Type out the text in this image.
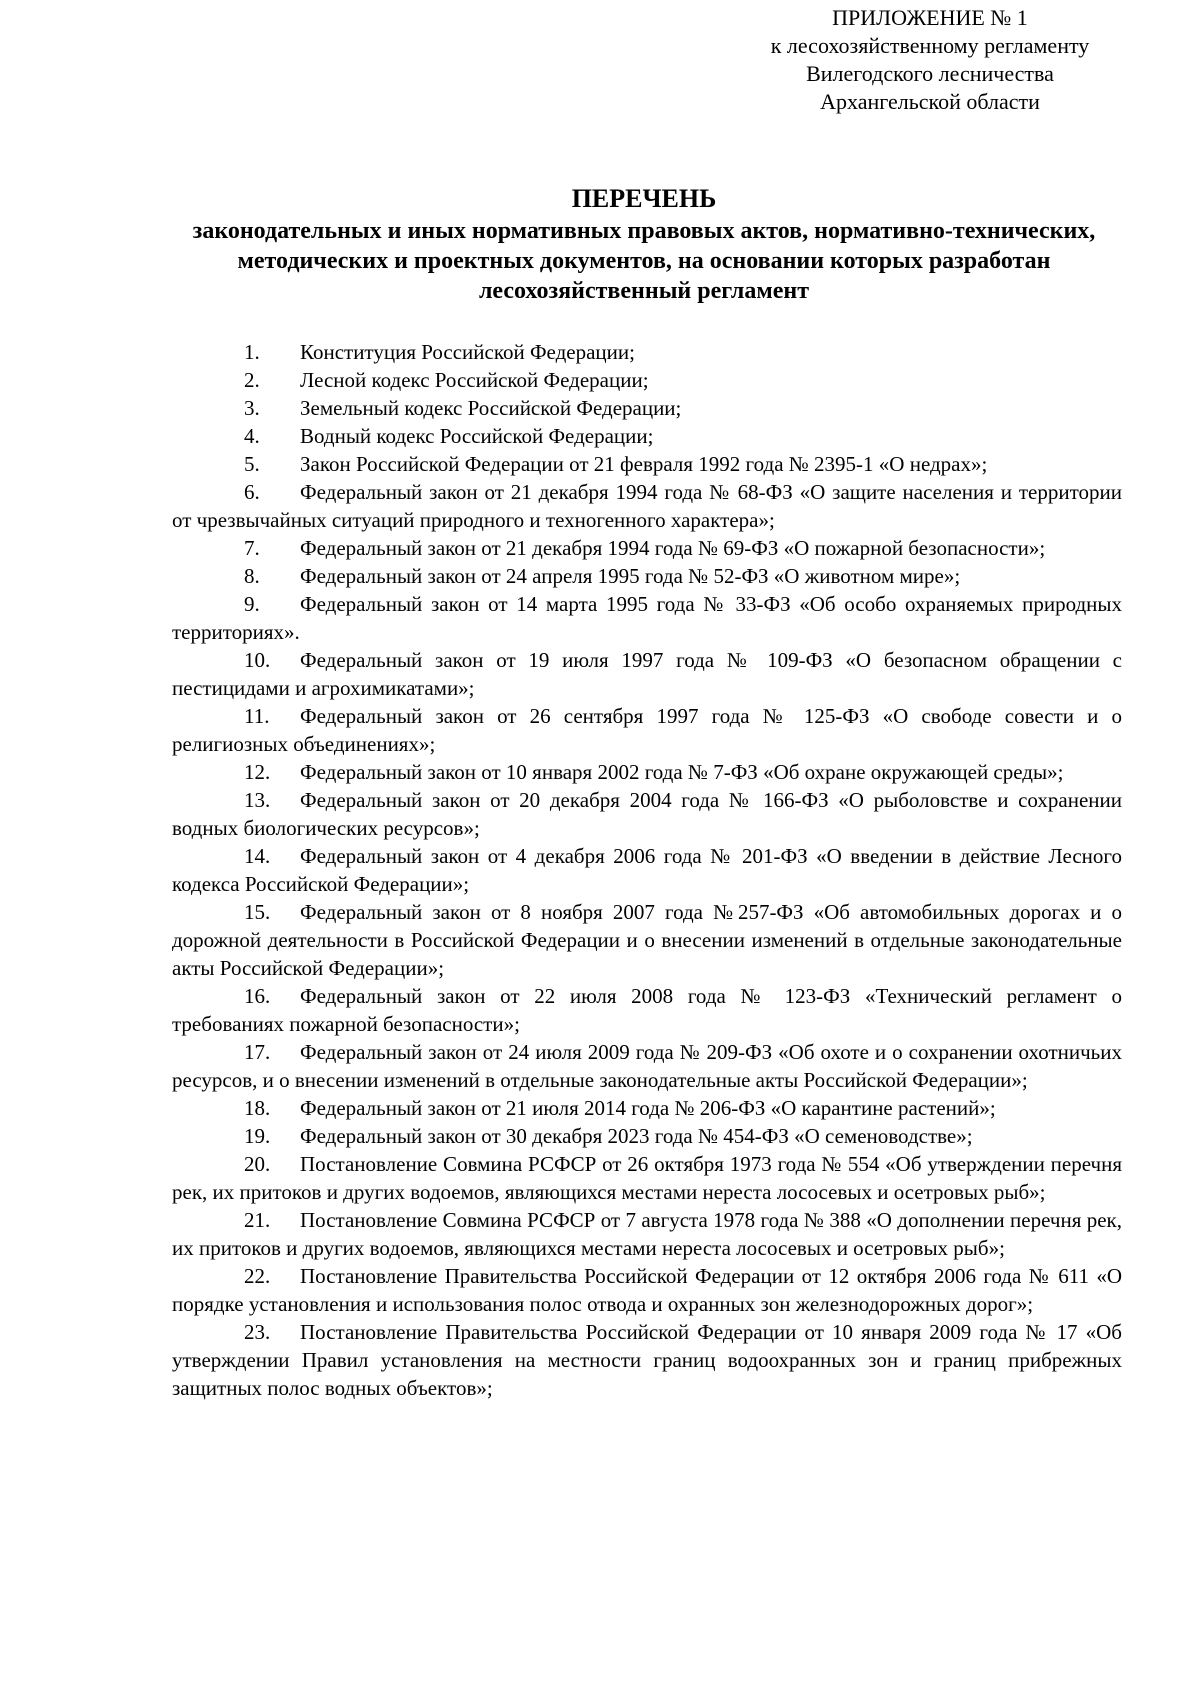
ПРИЛОЖЕНИЕ № 1
к лесохозяйственному регламенту
Вилегодского лесничества
Архангельской области
ПЕРЕЧЕНЬ
законодательных и иных нормативных правовых актов, нормативно-технических, методических и проектных документов, на основании которых разработан лесохозяйственный регламент
1. Конституция Российской Федерации;
2. Лесной кодекс Российской Федерации;
3. Земельный кодекс Российской Федерации;
4. Водный кодекс Российской Федерации;
5. Закон Российской Федерации от 21 февраля 1992 года № 2395-1 «О недрах»;
6. Федеральный закон от 21 декабря 1994 года № 68-ФЗ «О защите населения и территории от чрезвычайных ситуаций природного и техногенного характера»;
7. Федеральный закон от 21 декабря 1994 года № 69-ФЗ «О пожарной безопасности»;
8. Федеральный закон от 24 апреля 1995 года № 52-ФЗ «О животном мире»;
9. Федеральный закон от 14 марта 1995 года № 33-ФЗ «Об особо охраняемых природных территориях».
10. Федеральный закон от 19 июля 1997 года № 109-ФЗ «О безопасном обращении с пестицидами и агрохимикатами»;
11. Федеральный закон от 26 сентября 1997 года № 125-ФЗ «О свободе совести и о религиозных объединениях»;
12. Федеральный закон от 10 января 2002 года № 7-ФЗ «Об охране окружающей среды»;
13. Федеральный закон от 20 декабря 2004 года № 166-ФЗ «О рыболовстве и сохранении водных биологических ресурсов»;
14. Федеральный закон от 4 декабря 2006 года № 201-ФЗ «О введении в действие Лесного кодекса Российской Федерации»;
15. Федеральный закон от 8 ноября 2007 года №257-ФЗ «Об автомобильных дорогах и о дорожной деятельности в Российской Федерации и о внесении изменений в отдельные законодательные акты Российской Федерации»;
16. Федеральный закон от 22 июля 2008 года № 123-ФЗ «Технический регламент о требованиях пожарной безопасности»;
17. Федеральный закон от 24 июля 2009 года № 209-ФЗ «Об охоте и о сохранении охотничьих ресурсов, и о внесении изменений в отдельные законодательные акты Российской Федерации»;
18. Федеральный закон от 21 июля 2014 года № 206-ФЗ «О карантине растений»;
19. Федеральный закон от 30 декабря 2023 года № 454-ФЗ «О семеноводстве»;
20. Постановление Совмина РСФСР от 26 октября 1973 года № 554 «Об утверждении перечня рек, их притоков и других водоемов, являющихся местами нереста лососевых и осетровых рыб»;
21. Постановление Совмина РСФСР от 7 августа 1978 года № 388 «О дополнении перечня рек, их притоков и других водоемов, являющихся местами нереста лососевых и осетровых рыб»;
22. Постановление Правительства Российской Федерации от 12 октября 2006 года № 611 «О порядке установления и использования полос отвода и охранных зон железнодорожных дорог»;
23. Постановление Правительства Российской Федерации от 10 января 2009 года № 17 «Об утверждении Правил установления на местности границ водоохранных зон и границ прибрежных защитных полос водных объектов»;
